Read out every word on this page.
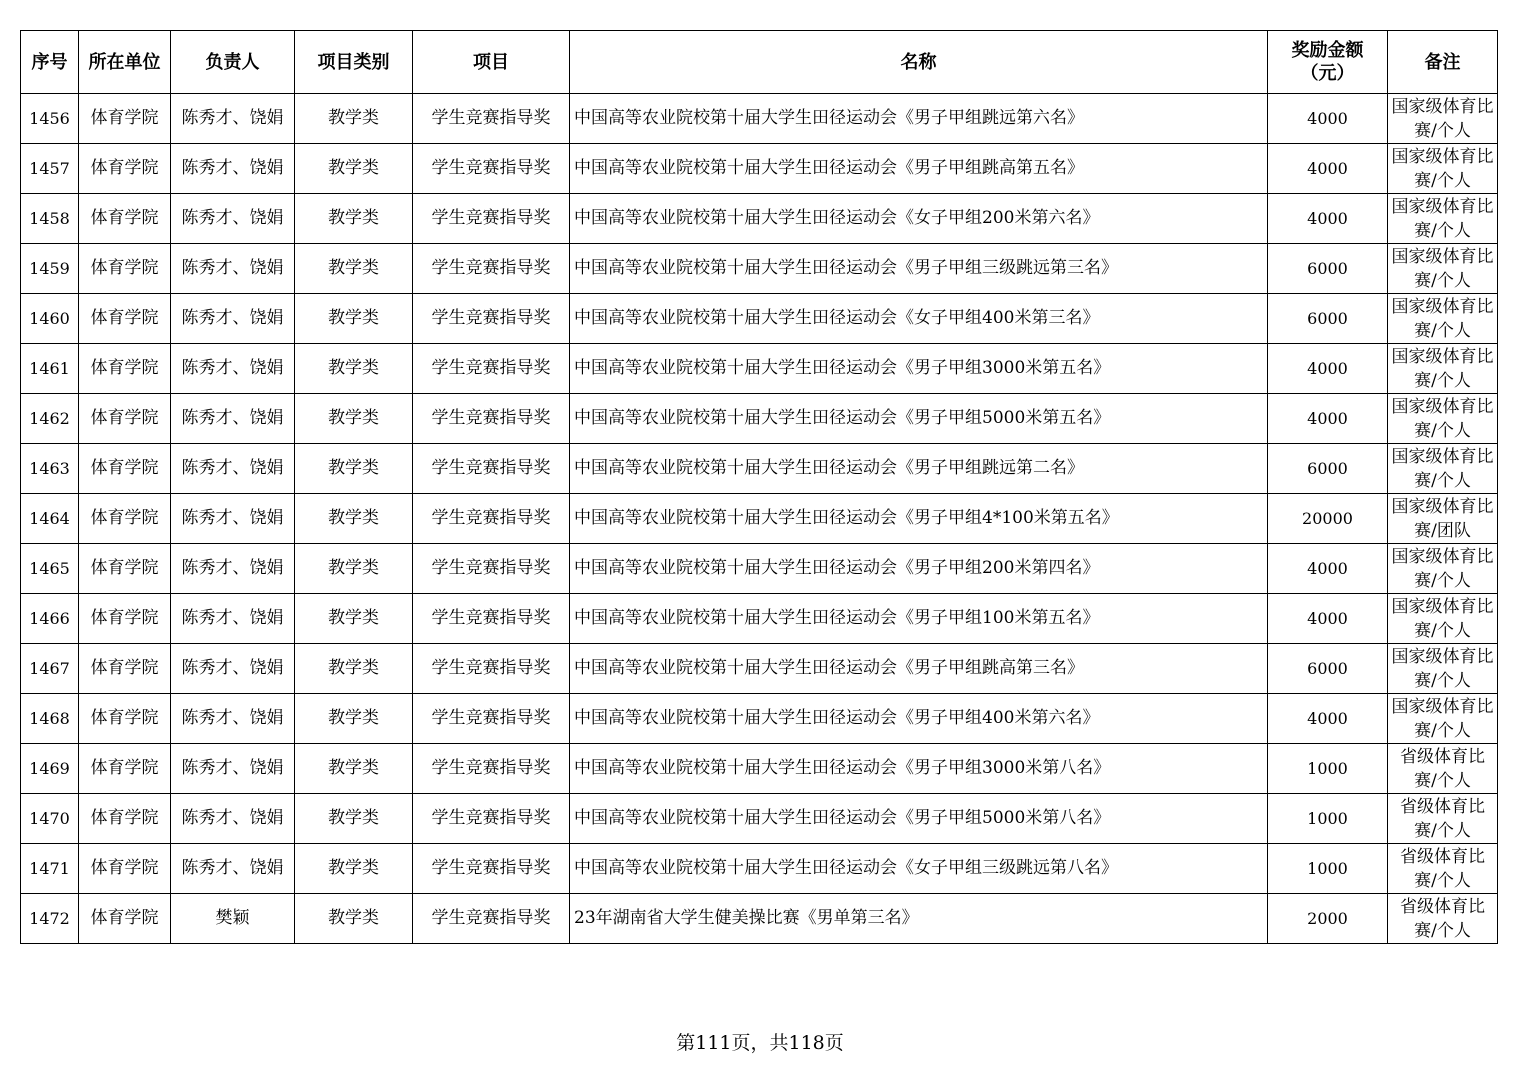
序号	所在单位	负责人	项目类别	项目	名称	奖励金额
（元）	备注
1456	体育学院	陈秀才、饶娟	教学类	学生竞赛指导奖	中国高等农业院校第十届大学生田径运动会《男子甲组跳远第六名》	4000	国家级体育比赛/个人
1457	体育学院	陈秀才、饶娟	教学类	学生竞赛指导奖	中国高等农业院校第十届大学生田径运动会《男子甲组跳高第五名》	4000	国家级体育比赛/个人
1458	体育学院	陈秀才、饶娟	教学类	学生竞赛指导奖	中国高等农业院校第十届大学生田径运动会《女子甲组200米第六名》	4000	国家级体育比赛/个人
1459	体育学院	陈秀才、饶娟	教学类	学生竞赛指导奖	中国高等农业院校第十届大学生田径运动会《男子甲组三级跳远第三名》	6000	国家级体育比赛/个人
1460	体育学院	陈秀才、饶娟	教学类	学生竞赛指导奖	中国高等农业院校第十届大学生田径运动会《女子甲组400米第三名》	6000	国家级体育比赛/个人
1461	体育学院	陈秀才、饶娟	教学类	学生竞赛指导奖	中国高等农业院校第十届大学生田径运动会《男子甲组3000米第五名》	4000	国家级体育比赛/个人
1462	体育学院	陈秀才、饶娟	教学类	学生竞赛指导奖	中国高等农业院校第十届大学生田径运动会《男子甲组5000米第五名》	4000	国家级体育比赛/个人
1463	体育学院	陈秀才、饶娟	教学类	学生竞赛指导奖	中国高等农业院校第十届大学生田径运动会《男子甲组跳远第二名》	6000	国家级体育比赛/个人
1464	体育学院	陈秀才、饶娟	教学类	学生竞赛指导奖	中国高等农业院校第十届大学生田径运动会《男子甲组4*100米第五名》	20000	国家级体育比赛/团队
1465	体育学院	陈秀才、饶娟	教学类	学生竞赛指导奖	中国高等农业院校第十届大学生田径运动会《男子甲组200米第四名》	4000	国家级体育比赛/个人
1466	体育学院	陈秀才、饶娟	教学类	学生竞赛指导奖	中国高等农业院校第十届大学生田径运动会《男子甲组100米第五名》	4000	国家级体育比赛/个人
1467	体育学院	陈秀才、饶娟	教学类	学生竞赛指导奖	中国高等农业院校第十届大学生田径运动会《男子甲组跳高第三名》	6000	国家级体育比赛/个人
1468	体育学院	陈秀才、饶娟	教学类	学生竞赛指导奖	中国高等农业院校第十届大学生田径运动会《男子甲组400米第六名》	4000	国家级体育比赛/个人
1469	体育学院	陈秀才、饶娟	教学类	学生竞赛指导奖	中国高等农业院校第十届大学生田径运动会《男子甲组3000米第八名》	1000	省级体育比赛/个人
1470	体育学院	陈秀才、饶娟	教学类	学生竞赛指导奖	中国高等农业院校第十届大学生田径运动会《男子甲组5000米第八名》	1000	省级体育比赛/个人
1471	体育学院	陈秀才、饶娟	教学类	学生竞赛指导奖	中国高等农业院校第十届大学生田径运动会《女子甲组三级跳远第八名》	1000	省级体育比赛/个人
1472	体育学院	樊颖	教学类	学生竞赛指导奖	23年湖南省大学生健美操比赛《男单第三名》	2000	省级体育比赛/个人
第111页，共118页
